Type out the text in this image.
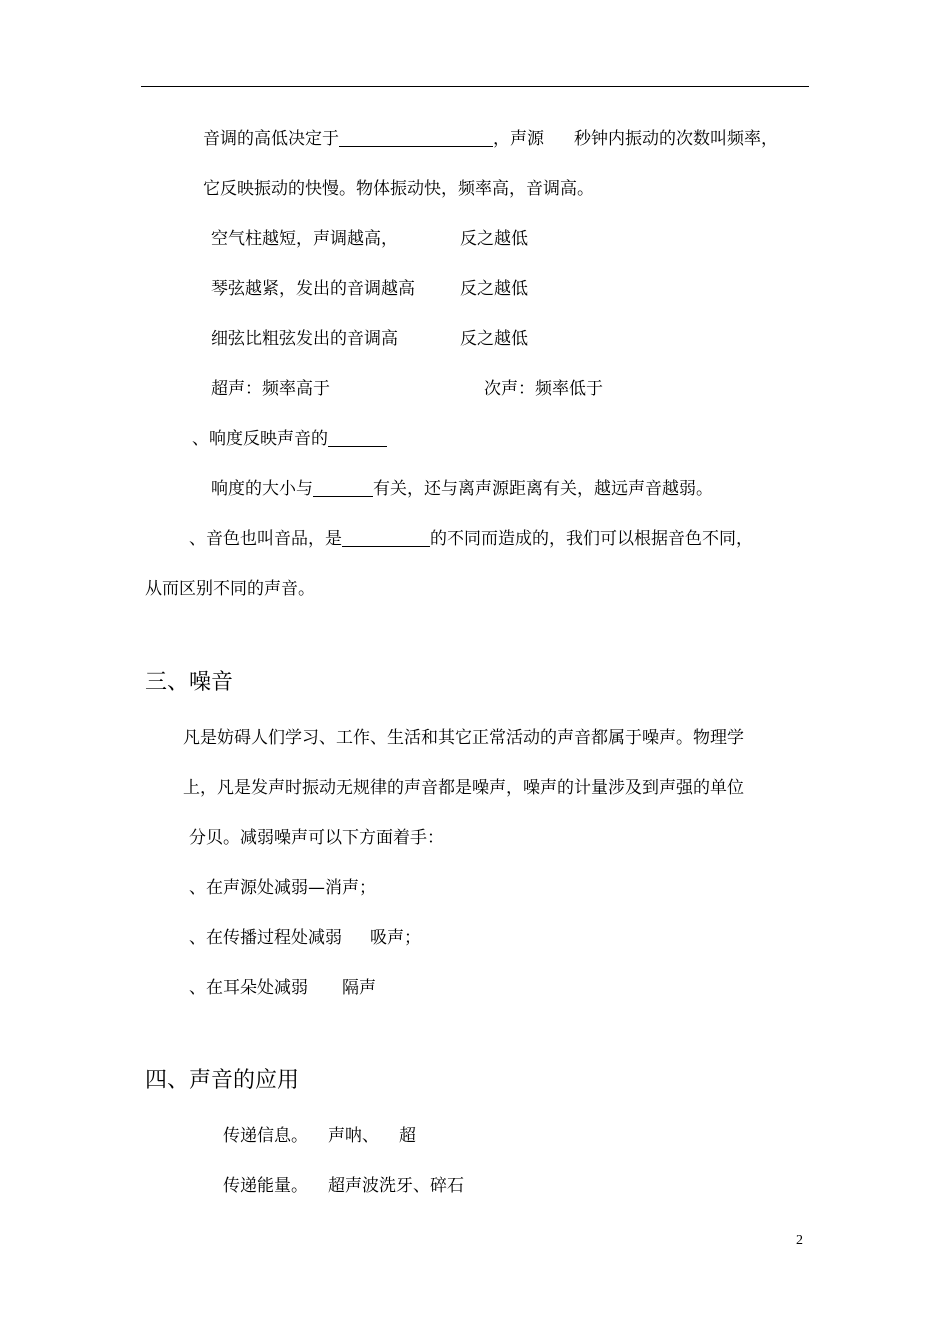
音调的高低决定于	，声源 秒钟内振动的次数叫频率，
它反映振动的快慢。物体振动快，频率高，音调高。
空气柱越短，声调越高，	反之越低
琴弦越紧，发出的音调越高	反之越低
细弦比粗弦发出的音调高	反之越低
超声：频率高于	次声：频率低于
、响度反映声音的
响度的大小与	有关，还与离声源距离有关，越远声音越弱。
、音色也叫音品，是	的不同而造成的，我们可以根据音色不同，
从而区别不同的声音。
三、噪音
凡是妨碍人们学习、工作、生活和其它正常活动的声音都属于噪声。物理学
上，凡是发声时振动无规律的声音都是噪声，噪声的计量涉及到声强的单位
分贝。减弱噪声可以下方面着手：
、在声源处减弱—消声；
、在传播过程处减弱 吸声；
、在耳朵处减弱 隔声
四、声音的应用
传递信息。 声呐、 超
传递能量。 超声波洗牙、碎石
2
